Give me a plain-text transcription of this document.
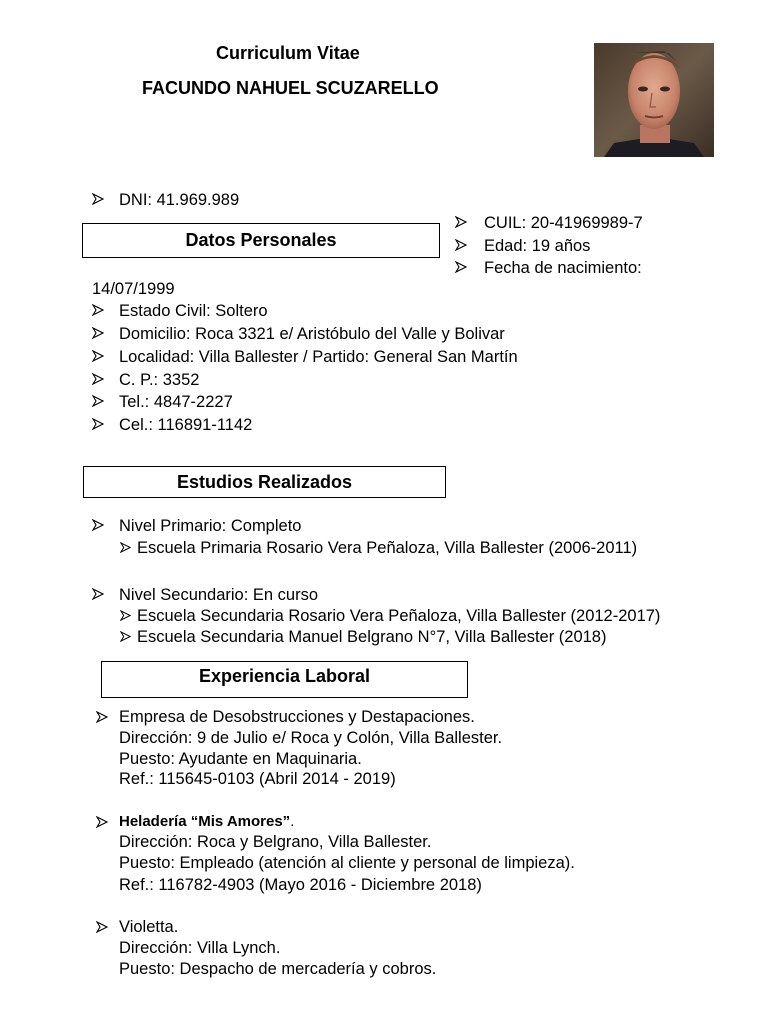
Curriculum Vitae
FACUNDO NAHUEL SCUZARELLO
DNI: 41.969.989
Datos Personales
CUIL: 20-41969989-7
Edad: 19 años
Fecha de nacimiento:
14/07/1999
Estado Civil: Soltero
Domicilio: Roca 3321 e/ Aristóbulo del Valle y Bolivar
Localidad: Villa Ballester / Partido: General San Martín
C. P.: 3352
Tel.: 4847-2227
Cel.: 116891-1142
Estudios Realizados
Nivel Primario: Completo
Escuela Primaria Rosario Vera Peñaloza, Villa Ballester (2006-2011)
Nivel Secundario: En curso
Escuela Secundaria Rosario Vera Peñaloza, Villa Ballester (2012-2017)
Escuela Secundaria Manuel Belgrano N°7, Villa Ballester (2018)
Experiencia Laboral
Empresa de Desobstrucciones y Destapaciones.
Dirección: 9 de Julio e/ Roca y Colón, Villa Ballester.
Puesto: Ayudante en Maquinaria.
Ref.: 115645-0103 (Abril 2014 - 2019)
Heladería “Mis Amores”.
Dirección: Roca y Belgrano, Villa Ballester.
Puesto: Empleado (atención al cliente y personal de limpieza).
Ref.: 116782-4903 (Mayo 2016 - Diciembre 2018)
Violetta.
Dirección: Villa Lynch.
Puesto: Despacho de mercadería y cobros.
